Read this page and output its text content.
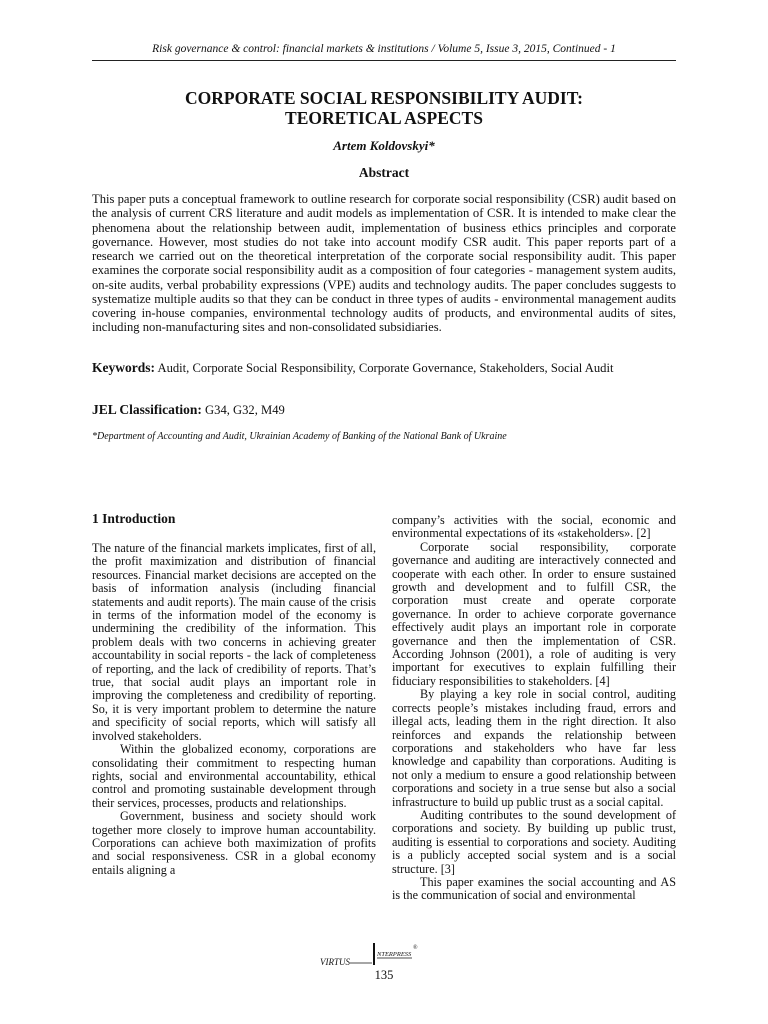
Risk governance & control: financial markets & institutions / Volume 5, Issue 3, 2015, Continued - 1
CORPORATE SOCIAL RESPONSIBILITY AUDIT:
TEORETICAL ASPECTS
Artem Koldovskyi*
Abstract
This paper puts a conceptual framework to outline research for corporate social responsibility (CSR) audit based on the analysis of current CRS literature and audit models as implementation of CSR. It is intended to make clear the phenomena about the relationship between audit, implementation of business ethics principles and corporate governance. However, most studies do not take into account modify CSR audit. This paper reports part of a research we carried out on the theoretical interpretation of the corporate social responsibility audit. This paper examines the corporate social responsibility audit as a composition of four categories - management system audits, on-site audits, verbal probability expressions (VPE) audits and technology audits. The paper concludes suggests to systematize multiple audits so that they can be conduct in three types of audits - environmental management audits covering in-house companies, environmental technology audits of products, and environmental audits of sites, including non-manufacturing sites and non-consolidated subsidiaries.
Keywords: Audit, Corporate Social Responsibility, Corporate Governance, Stakeholders, Social Audit
JEL Classification: G34, G32, M49
*Department of Accounting and Audit, Ukrainian Academy of Banking of the National Bank of Ukraine
1 Introduction

The nature of the financial markets implicates, first of all, the profit maximization and distribution of financial resources. Financial market decisions are accepted on the basis of information analysis (including financial statements and audit reports). The main cause of the crisis in terms of the information model of the economy is undermining the credibility of the information. This problem deals with two concerns in achieving greater accountability in social reports - the lack of completeness of reporting, and the lack of credibility of reports. That’s true, that social audit plays an important role in improving the completeness and credibility of reporting. So, it is very important problem to determine the nature and specificity of social reports, which will satisfy all involved stakeholders.

Within the globalized economy, corporations are consolidating their commitment to respecting human rights, social and environmental accountability, ethical control and promoting sustainable development through their services, processes, products and relationships.

Government, business and society should work together more closely to improve human accountability. Corporations can achieve both maximization of profits and social responsiveness. CSR in a global economy entails aligning a

company’s activities with the social, economic and environmental expectations of its «stakeholders». [2]

Corporate social responsibility, corporate governance and auditing are interactively connected and cooperate with each other. In order to ensure sustained growth and development and to fulfill CSR, the corporation must create and operate corporate governance. In order to achieve corporate governance effectively audit plays an important role in corporate governance and then the implementation of CSR. According Johnson (2001), a role of auditing is very important for executives to explain fulfilling their fiduciary responsibilities to stakeholders. [4]

By playing a key role in social control, auditing corrects people’s mistakes including fraud, errors and illegal acts, leading them in the right direction. It also reinforces and expands the relationship between corporations and stakeholders who have far less knowledge and capability than corporations. Auditing is not only a medium to ensure a good relationship between corporations and society in a true sense but also a social infrastructure to build up public trust as a social capital.

Auditing contributes to the sound development of corporations and society. By building up public trust, auditing is essential to corporations and society. Auditing is a publicly accepted social system and is a social structure. [3]

This paper examines the social accounting and AS is the communication of social and environmental

VIRTUS
NTERPRESS
®
135
